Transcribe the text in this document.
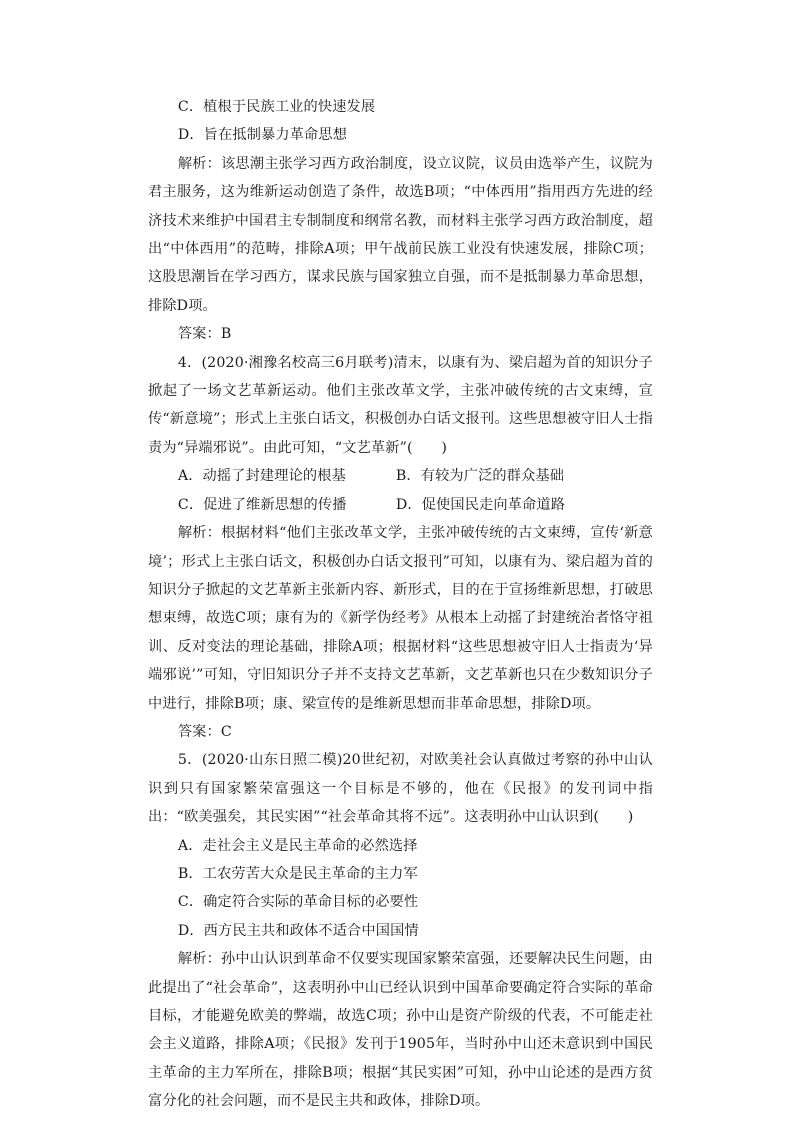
C．植根于民族工业的快速发展

D．旨在抵制暴力革命思想

解析：该思潮主张学习西方政治制度，设立议院，议员由选举产生，议院为君主服务，这为维新运动创造了条件，故选B项；“中体西用”指用西方先进的经济技术来维护中国君主专制制度和纲常名教，而材料主张学习西方政治制度，超出“中体西用”的范畴，排除A项；甲午战前民族工业没有快速发展，排除C项；这股思潮旨在学习西方，谋求民族与国家独立自强，而不是抵制暴力革命思想，排除D项。

答案：B

4．(2020·湘豫名校高三6月联考)清末，以康有为、梁启超为首的知识分子掀起了一场文艺革新运动。他们主张改革文学，主张冲破传统的古文束缚，宣传“新意境”；形式上主张白话文，积极创办白话文报刊。这些思想被守旧人士指责为“异端邪说”。由此可知，“文艺革新”(　　)

A．动摇了封建理论的根基	B．有较为广泛的群众基础
C．促进了维新思想的传播	D．促使国民走向革命道路

解析：根据材料“他们主张改革文学，主张冲破传统的古文束缚，宣传‘新意境’；形式上主张白话文，积极创办白话文报刊”可知，以康有为、梁启超为首的知识分子掀起的文艺革新主张新内容、新形式，目的在于宣扬维新思想，打破思想束缚，故选C项；康有为的《新学伪经考》从根本上动摇了封建统治者恪守祖训、反对变法的理论基础，排除A项；根据材料“这些思想被守旧人士指责为‘异端邪说’”可知，守旧知识分子并不支持文艺革新，文艺革新也只在少数知识分子中进行，排除B项；康、梁宣传的是维新思想而非革命思想，排除D项。

答案：C

5．(2020·山东日照二模)20世纪初，对欧美社会认真做过考察的孙中山认识到只有国家繁荣富强这一个目标是不够的，他在《民报》的发刊词中指出：“欧美强矣，其民实困”“社会革命其将不远”。这表明孙中山认识到(　　)

A．走社会主义是民主革命的必然选择

B．工农劳苦大众是民主革命的主力军

C．确定符合实际的革命目标的必要性

D．西方民主共和政体不适合中国国情

解析：孙中山认识到革命不仅要实现国家繁荣富强，还要解决民生问题，由此提出了“社会革命”，这表明孙中山已经认识到中国革命要确定符合实际的革命目标，才能避免欧美的弊端，故选C项；孙中山是资产阶级的代表，不可能走社会主义道路，排除A项；《民报》发刊于1905年，当时孙中山还未意识到中国民主革命的主力军所在，排除B项；根据“其民实困”可知，孙中山论述的是西方贫富分化的社会问题，而不是民主共和政体，排除D项。
